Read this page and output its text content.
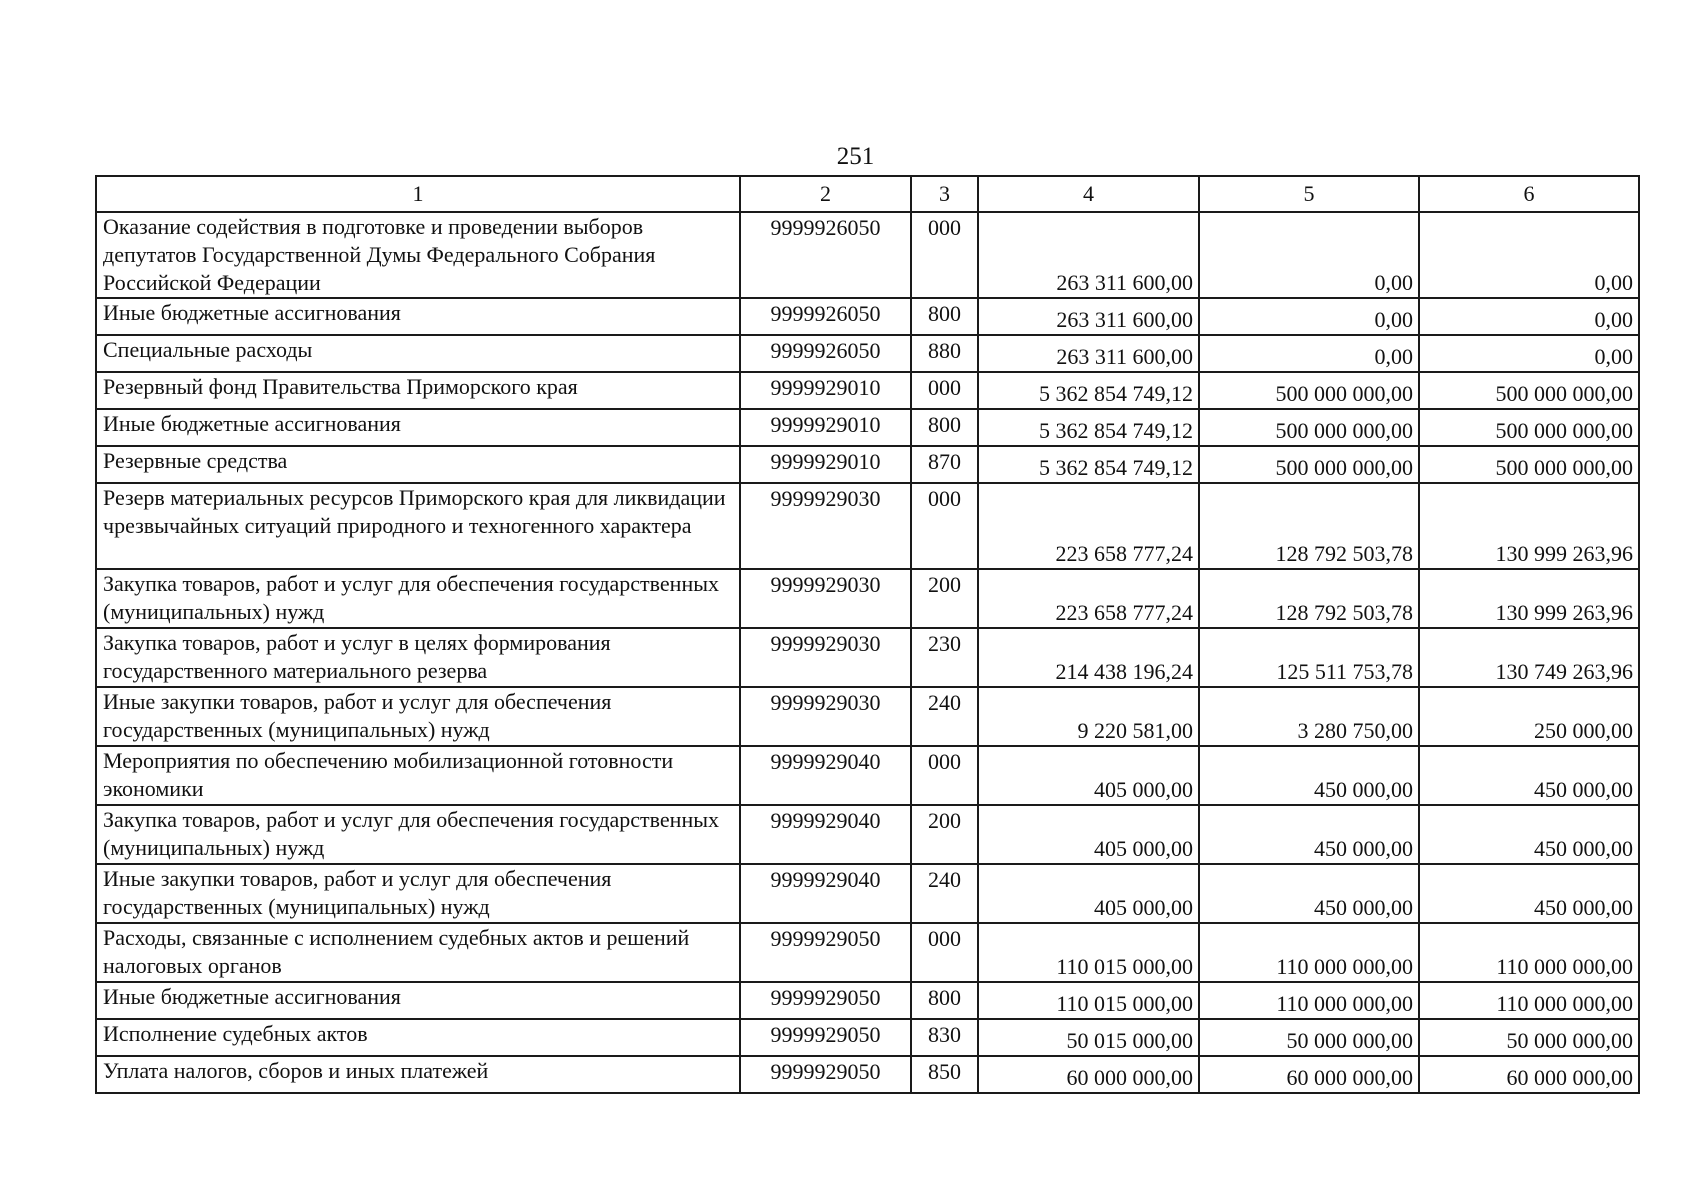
251
1	2	3	4	5	6
Оказание содействия в подготовке и проведении выборов депутатов Государственной Думы Федерального Собрания Российской Федерации	9999926050	000	263 311 600,00	0,00	0,00
Иные бюджетные ассигнования	9999926050	800	263 311 600,00	0,00	0,00
Специальные расходы	9999926050	880	263 311 600,00	0,00	0,00
Резервный фонд Правительства Приморского края	9999929010	000	5 362 854 749,12	500 000 000,00	500 000 000,00
Иные бюджетные ассигнования	9999929010	800	5 362 854 749,12	500 000 000,00	500 000 000,00
Резервные средства	9999929010	870	5 362 854 749,12	500 000 000,00	500 000 000,00
Резерв материальных ресурсов Приморского края для ликвидации чрезвычайных ситуаций природного и техногенного характера	9999929030	000	223 658 777,24	128 792 503,78	130 999 263,96
Закупка товаров, работ и услуг для обеспечения государственных (муниципальных) нужд	9999929030	200	223 658 777,24	128 792 503,78	130 999 263,96
Закупка товаров, работ и услуг в целях формирования государственного материального резерва	9999929030	230	214 438 196,24	125 511 753,78	130 749 263,96
Иные закупки товаров, работ и услуг для обеспечения государственных (муниципальных) нужд	9999929030	240	9 220 581,00	3 280 750,00	250 000,00
Мероприятия по обеспечению мобилизационной готовности экономики	9999929040	000	405 000,00	450 000,00	450 000,00
Закупка товаров, работ и услуг для обеспечения государственных (муниципальных) нужд	9999929040	200	405 000,00	450 000,00	450 000,00
Иные закупки товаров, работ и услуг для обеспечения государственных (муниципальных) нужд	9999929040	240	405 000,00	450 000,00	450 000,00
Расходы, связанные с исполнением судебных актов и решений налоговых органов	9999929050	000	110 015 000,00	110 000 000,00	110 000 000,00
Иные бюджетные ассигнования	9999929050	800	110 015 000,00	110 000 000,00	110 000 000,00
Исполнение судебных актов	9999929050	830	50 015 000,00	50 000 000,00	50 000 000,00
Уплата налогов, сборов и иных платежей	9999929050	850	60 000 000,00	60 000 000,00	60 000 000,00
